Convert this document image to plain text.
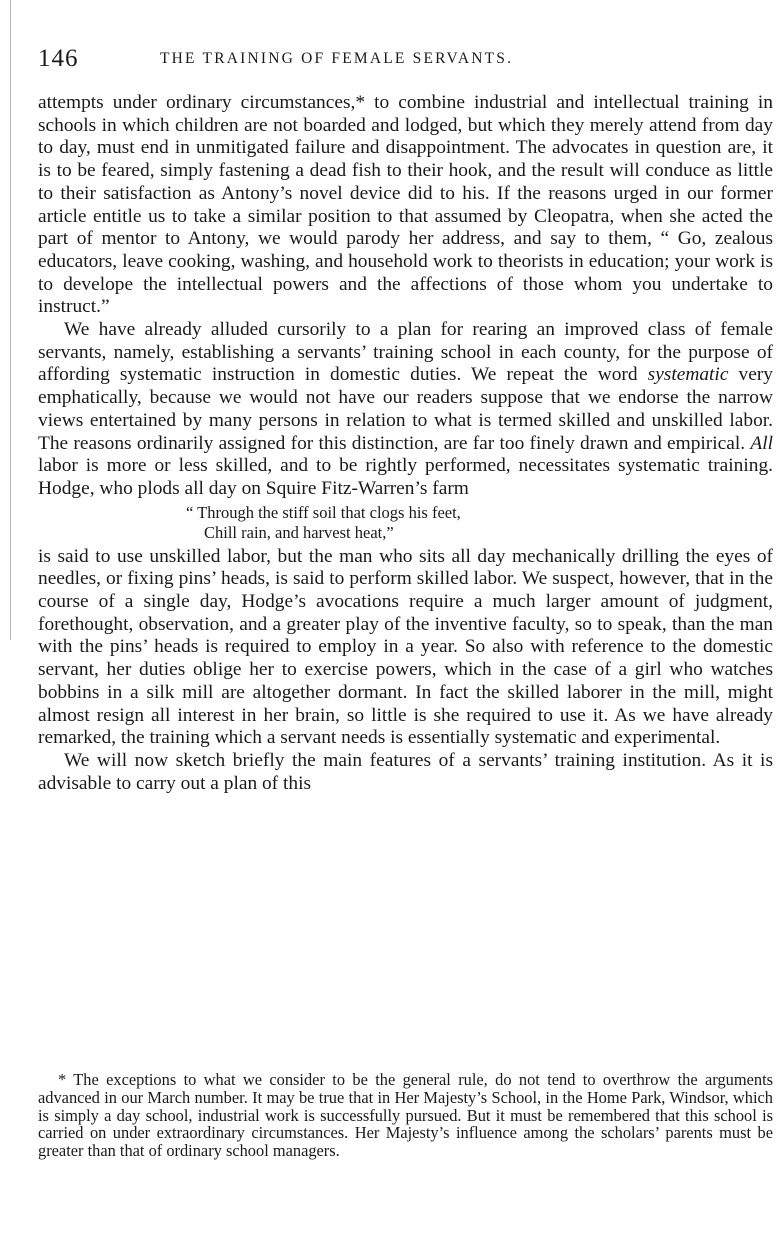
146	THE TRAINING OF FEMALE SERVANTS.

attempts under ordinary circumstances,* to combine industrial and intellectual training in schools in which children are not boarded and lodged, but which they merely attend from day to day, must end in unmitigated failure and disappointment. The advocates in question are, it is to be feared, simply fastening a dead fish to their hook, and the result will conduce as little to their satisfaction as Antony’s novel device did to his. If the reasons urged in our former article entitle us to take a similar position to that assumed by Cleopatra, when she acted the part of mentor to Antony, we would parody her address, and say to them, “ Go, zealous educators, leave cooking, washing, and household work to theorists in education; your work is to develope the intellectual powers and the affections of those whom you undertake to instruct.”

We have already alluded cursorily to a plan for rearing an improved class of female servants, namely, establishing a servants’ training school in each county, for the purpose of affording systematic instruction in domestic duties. We repeat the word systematic very emphatically, because we would not have our readers suppose that we endorse the narrow views entertained by many persons in relation to what is termed skilled and unskilled labor. The reasons ordinarily assigned for this distinction, are far too finely drawn and empirical. All labor is more or less skilled, and to be rightly performed, necessitates systematic training. Hodge, who plods all day on Squire Fitz-Warren’s farm

“ Through the stiff soil that clogs his feet,
Chill rain, and harvest heat,”

is said to use unskilled labor, but the man who sits all day mechanically drilling the eyes of needles, or fixing pins’ heads, is said to perform skilled labor. We suspect, however, that in the course of a single day, Hodge’s avocations require a much larger amount of judgment, forethought, observation, and a greater play of the inventive faculty, so to speak, than the man with the pins’ heads is required to employ in a year. So also with reference to the domestic servant, her duties oblige her to exercise powers, which in the case of a girl who watches bobbins in a silk mill are altogether dormant. In fact the skilled laborer in the mill, might almost resign all interest in her brain, so little is she required to use it. As we have already remarked, the training which a servant needs is essentially systematic and experimental.

We will now sketch briefly the main features of a servants’ training institution. As it is advisable to carry out a plan of this

* The exceptions to what we consider to be the general rule, do not tend to overthrow the arguments advanced in our March number. It may be true that in Her Majesty’s School, in the Home Park, Windsor, which is simply a day school, industrial work is successfully pursued. But it must be remembered that this school is carried on under extraordinary circumstances. Her Majesty’s influence among the scholars’ parents must be greater than that of ordinary school managers.
